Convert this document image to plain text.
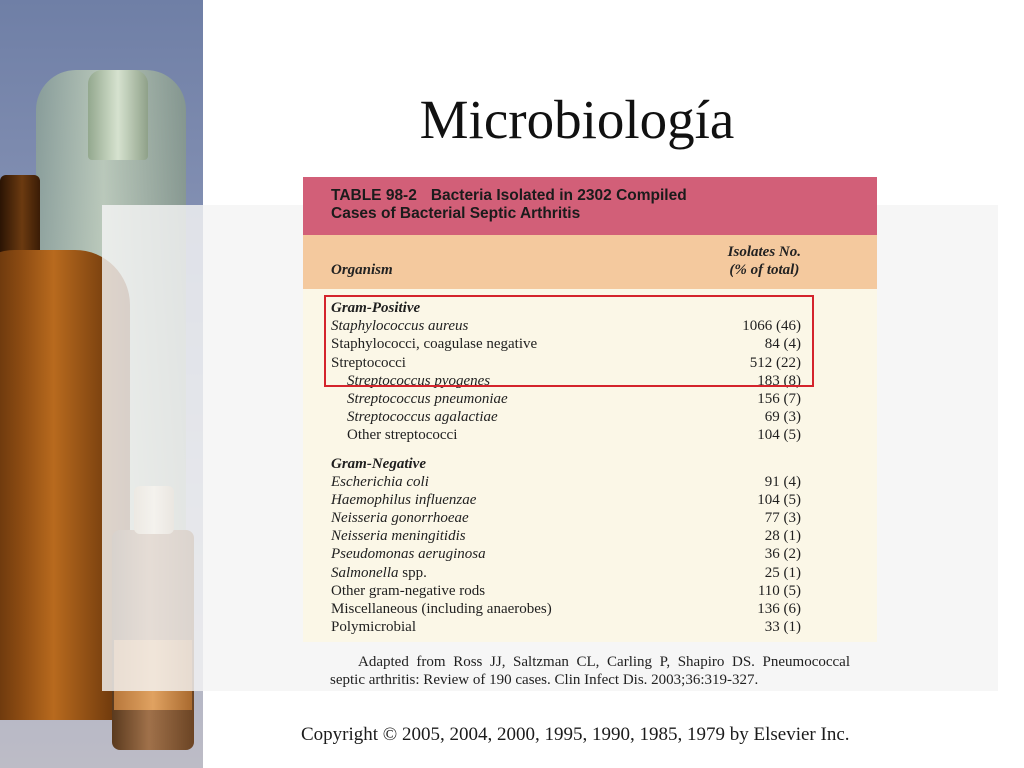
Microbiología
TABLE 98-2 Bacteria Isolated in 2302 Compiled
Cases of Bacterial Septic Arthritis
Organism
Isolates No.
(% of total)
Gram-Positive
Staphylococcus aureus	1066 (46)
Staphylococci, coagulase negative	84 (4)
Streptococci	512 (22)
Streptococcus pyogenes	183 (8)
Streptococcus pneumoniae	156 (7)
Streptococcus agalactiae	69 (3)
Other streptococci	104 (5)
Gram-Negative
Escherichia coli	91 (4)
Haemophilus influenzae	104 (5)
Neisseria gonorrhoeae	77 (3)
Neisseria meningitidis	28 (1)
Pseudomonas aeruginosa	36 (2)
Salmonella spp.	25 (1)
Other gram-negative rods	110 (5)
Miscellaneous (including anaerobes)	136 (6)
Polymicrobial	33 (1)
Adapted from Ross JJ, Saltzman CL, Carling P, Shapiro DS. Pneumococcal septic arthritis: Review of 190 cases. Clin Infect Dis. 2003;36:319-327.
Copyright © 2005, 2004, 2000, 1995, 1990, 1985, 1979 by Elsevier Inc.
